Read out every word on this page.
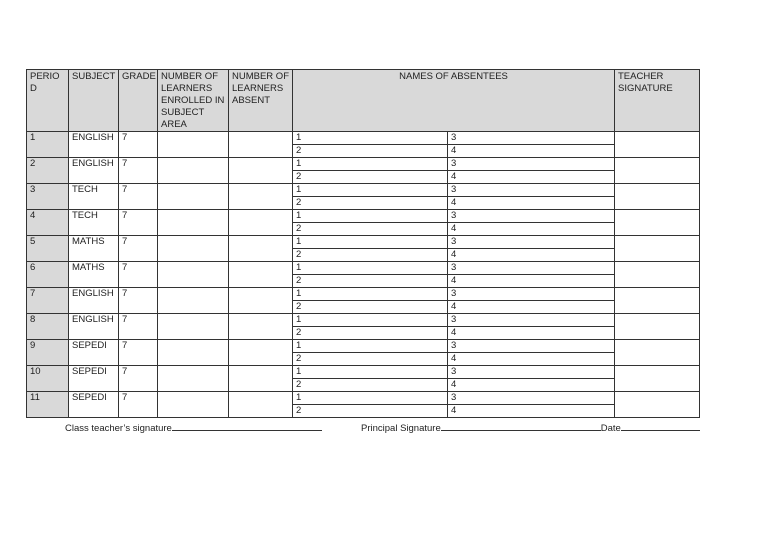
PERIOD	SUBJECT	GRADE	NUMBER OF LEARNERS ENROLLED IN SUBJECT AREA	NUMBER OF LEARNERS ABSENT	NAMES OF ABSENTEES		TEACHER SIGNATURE
1	ENGLISH	7			1	3	
					2	4	
2	ENGLISH	7			1	3	
					2	4	
3	TECH	7			1	3	
					2	4	
4	TECH	7			1	3	
					2	4	
5	MATHS	7			1	3	
					2	4	
6	MATHS	7			1	3	
					2	4	
7	ENGLISH	7			1	3	
					2	4	
8	ENGLISH	7			1	3	
					2	4	
9	SEPEDI	7			1	3	
					2	4	
10	SEPEDI	7			1	3	
					2	4	
11	SEPEDI	7			1	3	
					2	4	
Class teacher’s signature	Principal Signature	Date
